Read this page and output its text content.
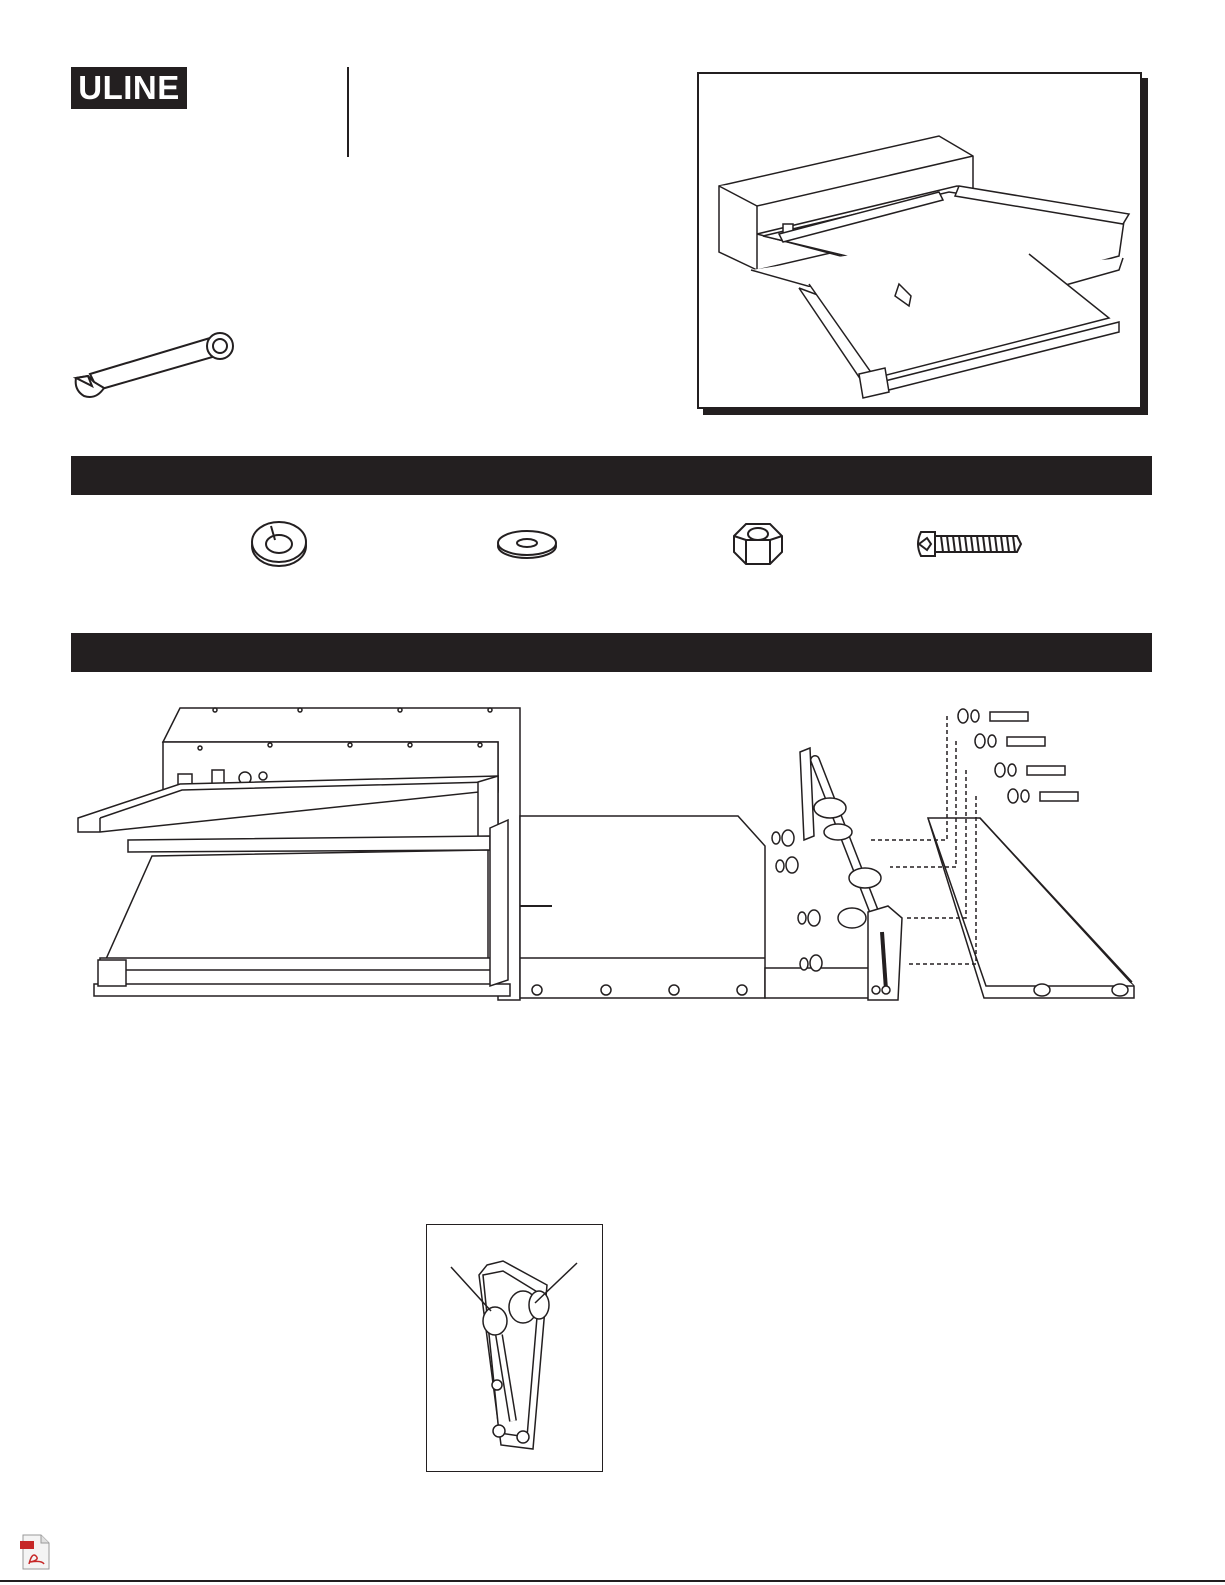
ULINE
